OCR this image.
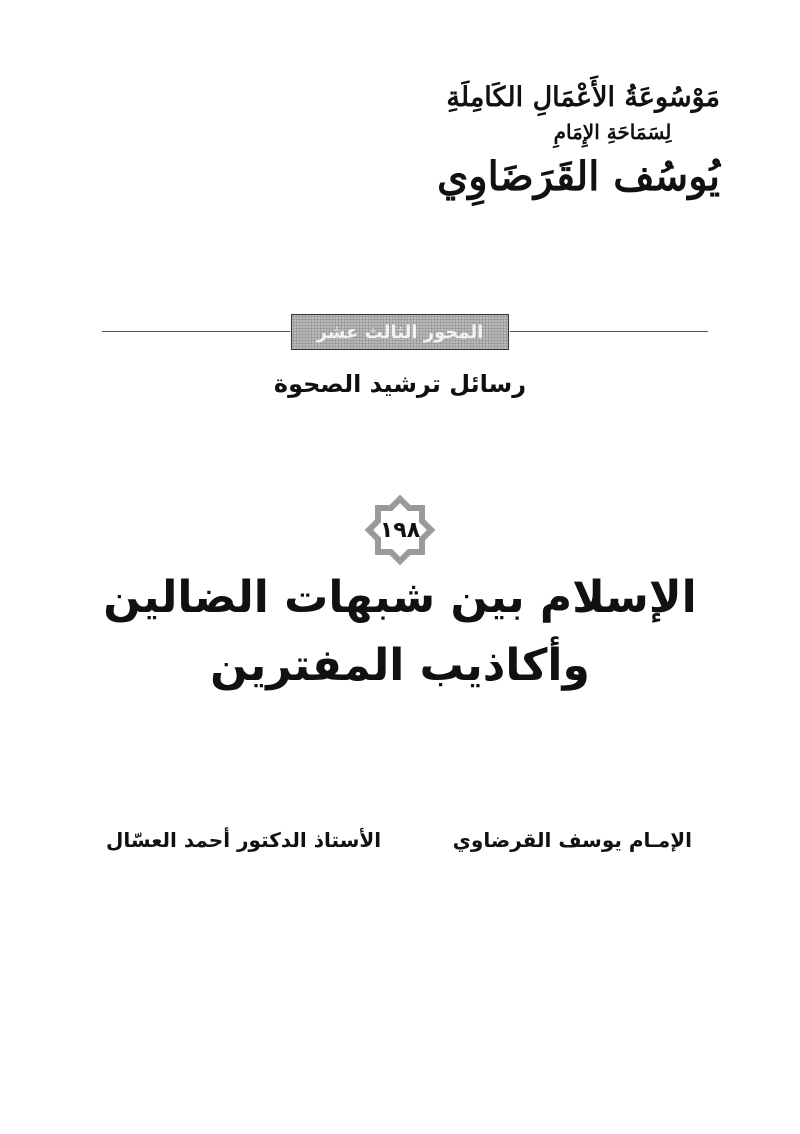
مَوْسُوعَةُ الأَعْمَالِ الكَامِلَةِ
لِسَمَاحَةِ الإِمَامِ
يُوسُف القَرَضَاوِي
المحور الثالث عشر
رسائل ترشيد الصحوة
١٩٨
الإسلام بين شبهات الضالين
وأكاذيب المفترين
الإمـام يوسف القرضاوي
الأستاذ الدكتور أحمد العسّال
